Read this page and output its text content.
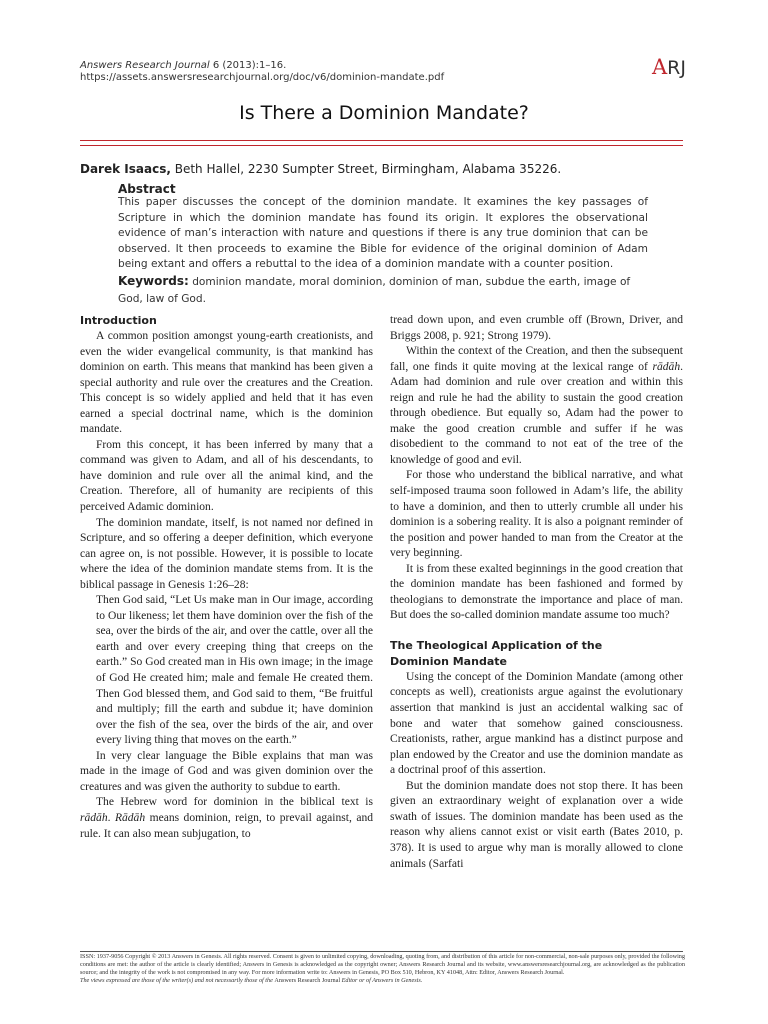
Answers Research Journal 6 (2013):1–16.
https://assets.answersresearchjournal.org/doc/v6/dominion-mandate.pdf	ARJ
Is There a Dominion Mandate?
Darek Isaacs, Beth Hallel, 2230 Sumpter Street, Birmingham, Alabama 35226.
Abstract
This paper discusses the concept of the dominion mandate. It examines the key passages of Scripture in which the dominion mandate has found its origin. It explores the observational evidence of man’s interaction with nature and questions if there is any true dominion that can be observed. It then proceeds to examine the Bible for evidence of the original dominion of Adam being extant and offers a rebuttal to the idea of a dominion mandate with a counter position.
Keywords: dominion mandate, moral dominion, dominion of man, subdue the earth, image of God, law of God.

Introduction

A common position amongst young-earth creationists, and even the wider evangelical community, is that mankind has dominion on earth. This means that mankind has been given a special authority and rule over the creatures and the Creation. This concept is so widely applied and held that it has even earned a special doctrinal name, which is the dominion mandate.

From this concept, it has been inferred by many that a command was given to Adam, and all of his descendants, to have dominion and rule over all the animal kind, and the Creation. Therefore, all of humanity are recipients of this perceived Adamic dominion.

The dominion mandate, itself, is not named nor defined in Scripture, and so offering a deeper definition, which everyone can agree on, is not possible. However, it is possible to locate where the idea of the dominion mandate stems from. It is the biblical passage in Genesis 1:26–28:

Then God said, “Let Us make man in Our image, according to Our likeness; let them have dominion over the fish of the sea, over the birds of the air, and over the cattle, over all the earth and over every creeping thing that creeps on the earth.” So God created man in His own image; in the image of God He created him; male and female He created them. Then God blessed them, and God said to them, “Be fruitful and multiply; fill the earth and subdue it; have dominion over the fish of the sea, over the birds of the air, and over every living thing that moves on the earth.”

In very clear language the Bible explains that man was made in the image of God and was given dominion over the creatures and was given the authority to subdue to earth.

The Hebrew word for dominion in the biblical text is rādāh. Rādāh means dominion, reign, to prevail against, and rule. It can also mean subjugation, to

tread down upon, and even crumble off (Brown, Driver, and Briggs 2008, p. 921; Strong 1979).

Within the context of the Creation, and then the subsequent fall, one finds it quite moving at the lexical range of rādāh. Adam had dominion and rule over creation and within this reign and rule he had the ability to sustain the good creation through obedience. But equally so, Adam had the power to make the good creation crumble and suffer if he was disobedient to the command to not eat of the tree of the knowledge of good and evil.

For those who understand the biblical narrative, and what self-imposed trauma soon followed in Adam’s life, the ability to have a dominion, and then to utterly crumble all under his dominion is a sobering reality. It is also a poignant reminder of the position and power handed to man from the Creator at the very beginning.

It is from these exalted beginnings in the good creation that the dominion mandate has been fashioned and formed by theologians to demonstrate the importance and place of man. But does the so-called dominion mandate assume too much?

The Theological Application of the
Dominion Mandate

Using the concept of the Dominion Mandate (among other concepts as well), creationists argue against the evolutionary assertion that mankind is just an accidental walking sac of bone and water that somehow gained consciousness. Creationists, rather, argue mankind has a distinct purpose and plan endowed by the Creator and use the dominion mandate as a doctrinal proof of this assertion.

But the dominion mandate does not stop there. It has been given an extraordinary weight of explanation over a wide swath of issues. The dominion mandate has been used as the reason why aliens cannot exist or visit earth (Bates 2010, p. 378). It is used to argue why man is morally allowed to clone animals (Sarfati

ISSN: 1937-9056 Copyright © 2013 Answers in Genesis. All rights reserved. Consent is given to unlimited copying, downloading, quoting from, and distribution of this article for non-commercial, non-sale purposes only, provided the following conditions are met: the author of the article is clearly identified; Answers in Genesis is acknowledged as the copyright owner; Answers Research Journal and its website, www.answersresearchjournal.org, are acknowledged as the publication source; and the integrity of the work is not compromised in any way. For more information write to: Answers in Genesis, PO Box 510, Hebron, KY 41048, Attn: Editor, Answers Research Journal.
The views expressed are those of the writer(s) and not necessarily those of the Answers Research Journal Editor or of Answers in Genesis.
